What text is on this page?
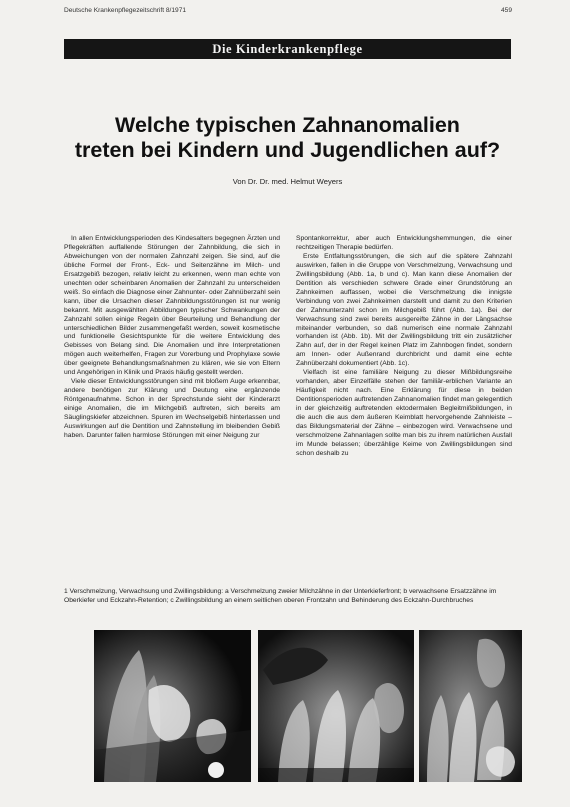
Deutsche Krankenpflegezeitschrift 8/1971	459
Die Kinderkrankenpflege
Welche typischen Zahnanomalien
treten bei Kindern und Jugendlichen auf?
Von Dr. Dr. med. Helmut Weyers

In allen Entwicklungsperioden des Kindesalters begegnen Ärzten und Pflegekräften auffallende Störungen der Zahnbildung, die sich in Abweichungen von der normalen Zahnzahl zeigen. Sie sind, auf die übliche Formel der Front-, Eck- und Seitenzähne im Milch- und Ersatzgebiß bezogen, relativ leicht zu erkennen, wenn man echte von unechten oder scheinbaren Anomalien der Zahnzahl zu unterscheiden weiß. So einfach die Diagnose einer Zahnunter- oder Zahnüberzahl sein kann, über die Ursachen dieser Zahnbildungsstörungen ist nur wenig bekannt. Mit ausgewählten Abbildungen typischer Schwankungen der Zahnzahl sollen einige Regeln über Beurteilung und Behandlung der unterschiedlichen Bilder zusammengefaßt werden, soweit kosmetische und funktionelle Gesichtspunkte für die weitere Entwicklung des Gebisses von Belang sind. Die Anomalien und ihre Interpretationen mögen auch weiterhelfen, Fragen zur Vorerbung und Prophylaxe sowie über geeignete Behandlungsmaßnahmen zu klären, wie sie von Eltern und Angehörigen in Klinik und Praxis häufig gestellt werden.

Viele dieser Entwicklungsstörungen sind mit bloßem Auge erkennbar, andere benötigen zur Klärung und Deutung eine ergänzende Röntgenaufnahme. Schon in der Sprechstunde sieht der Kinderarzt einige Anomalien, die im Milchgebiß auftreten, sich bereits am Säuglingskiefer abzeichnen. Spuren im Wechselgebiß hinterlassen und Auswirkungen auf die Dentition und Zahnstellung im bleibenden Gebiß haben. Darunter fallen harmlose Störungen mit einer Neigung zur

Spontankorrektur, aber auch Entwicklungshemmungen, die einer rechtzeitigen Therapie bedürfen.

Erste Entfaltungsstörungen, die sich auf die spätere Zahnzahl auswirken, fallen in die Gruppe von Verschmelzung, Verwachsung und Zwillingsbildung (Abb. 1a, b und c). Man kann diese Anomalien der Dentition als verschieden schwere Grade einer Grundstörung an Zahnkeimen auffassen, wobei die Verschmelzung die innigste Verbindung von zwei Zahnkeimen darstellt und damit zu den Kriterien der Zahnunterzahl schon im Milchgebiß führt (Abb. 1a). Bei der Verwachsung sind zwei bereits ausgereifte Zähne in der Längsachse miteinander verbunden, so daß numerisch eine normale Zahnzahl vorhanden ist (Abb. 1b). Mit der Zwillingsbildung tritt ein zusätzlicher Zahn auf, der in der Regel keinen Platz im Zahnbogen findet, sondern am Innen- oder Außenrand durchbricht und damit eine echte Zahnüberzahl dokumentiert (Abb. 1c).

Vielfach ist eine familiäre Neigung zu dieser Mißbildungsreihe vorhanden, aber Einzelfälle stehen der familiär-erblichen Variante an Häufigkeit nicht nach. Eine Erklärung für diese in beiden Dentitionsperioden auftretenden Zahnanomalien findet man gelegentlich in der gleichzeitig auftretenden ektodermalen Begleitmißbildungen, in die auch die aus dem äußeren Keimblatt hervorgehende Zahnleiste – das Bildungsmaterial der Zähne – einbezogen wird. Verwachsene und verschmolzene Zahnanlagen sollte man bis zu ihrem natürlichen Ausfall im Munde belassen; überzählige Keime von Zwillingsbildungen sind schon deshalb zu

1 Verschmelzung, Verwachsung und Zwillingsbildung: a Verschmelzung zweier Milchzähne in der Unterkieferfront; b verwachsene Ersatzzähne im Oberkiefer und Eckzahn-Retention; c Zwillingsbildung an einem seitlichen oberen Frontzahn und Behinderung des Eckzahn-Durchbruches
